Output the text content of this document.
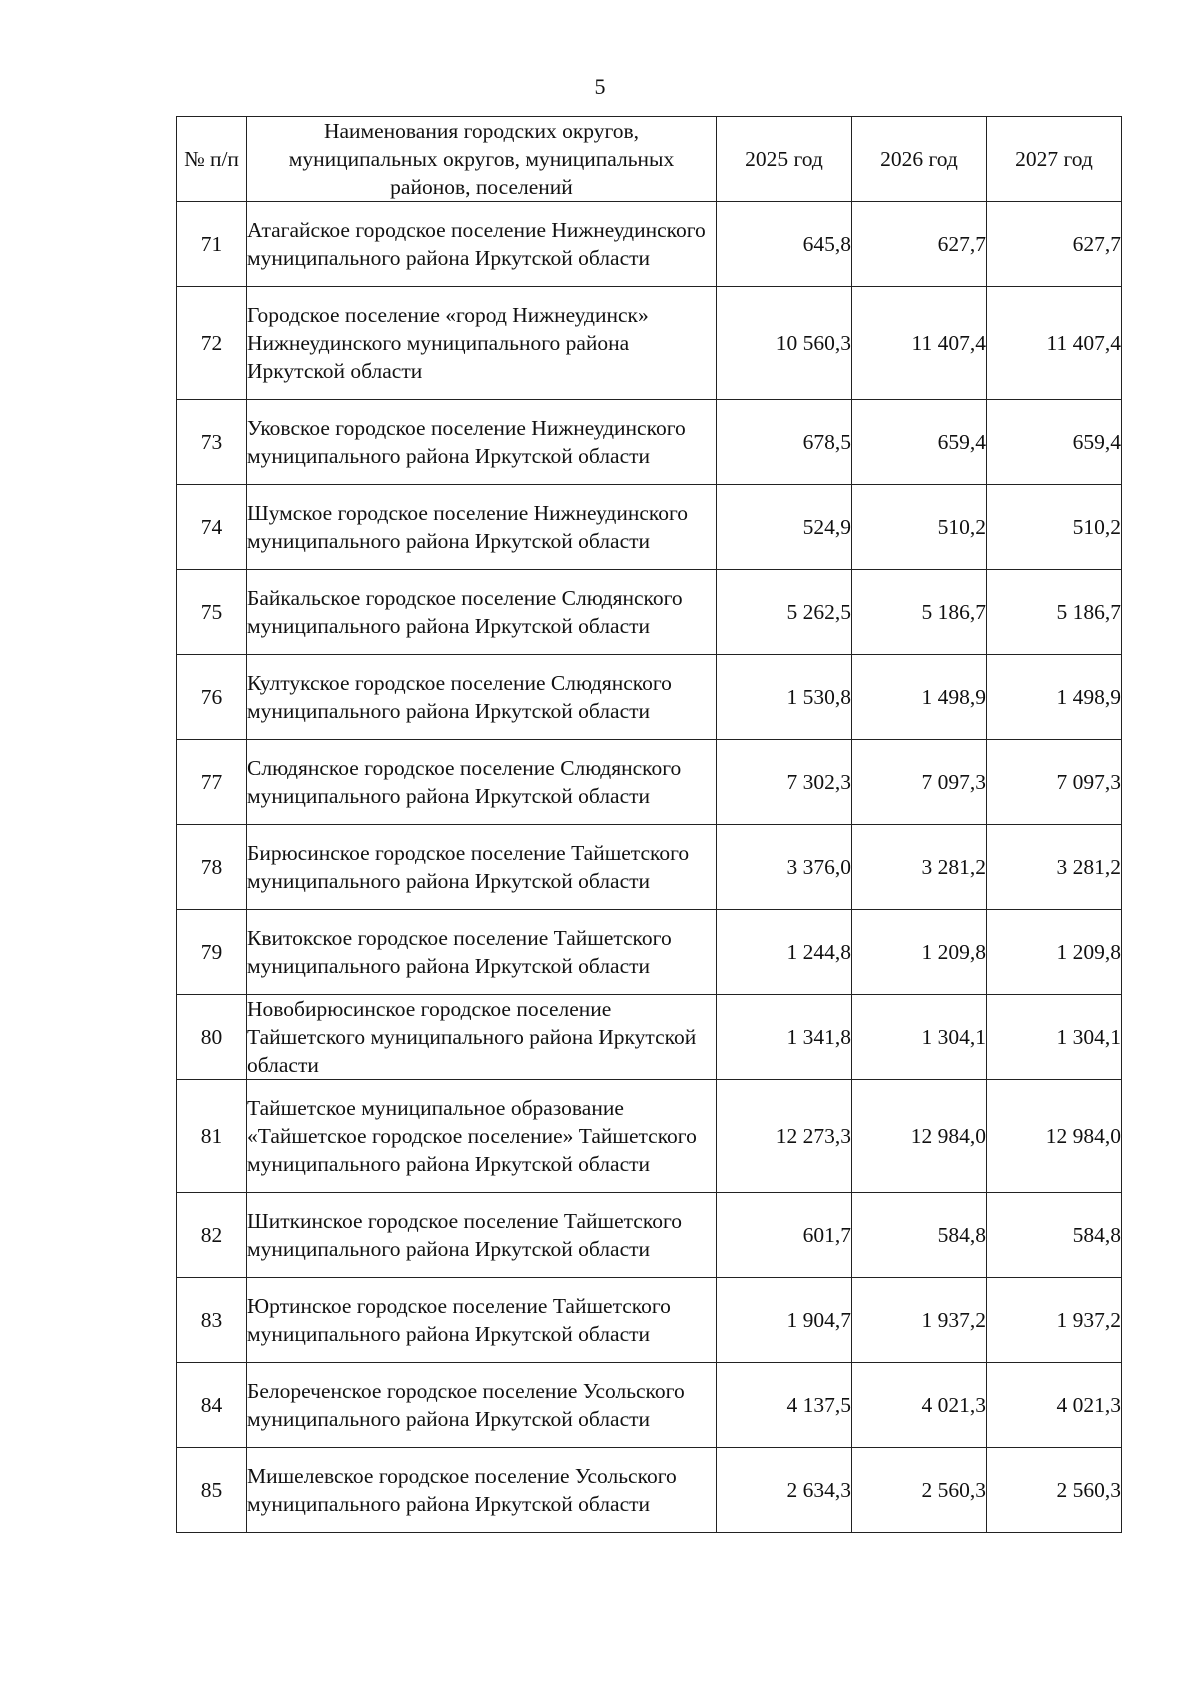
5
№ п/п	Наименования городских округов, муниципальных округов, муниципальных районов, поселений	2025 год	2026 год	2027 год
71	Атагайское городское поселение Нижнеудинского муниципального района Иркутской области	645,8	627,7	627,7
72	Городское поселение «город Нижнеудинск» Нижнеудинского муниципального района Иркутской области	10 560,3	11 407,4	11 407,4
73	Уковское городское поселение Нижнеудинского муниципального района Иркутской области	678,5	659,4	659,4
74	Шумское городское поселение Нижнеудинского муниципального района Иркутской области	524,9	510,2	510,2
75	Байкальское городское поселение Слюдянского муниципального района Иркутской области	5 262,5	5 186,7	5 186,7
76	Култукское городское поселение Слюдянского муниципального района Иркутской области	1 530,8	1 498,9	1 498,9
77	Слюдянское городское поселение Слюдянского муниципального района Иркутской области	7 302,3	7 097,3	7 097,3
78	Бирюсинское городское поселение Тайшетского муниципального района Иркутской области	3 376,0	3 281,2	3 281,2
79	Квитокское городское поселение Тайшетского муниципального района Иркутской области	1 244,8	1 209,8	1 209,8
80	Новобирюсинское городское поселение Тайшетского муниципального района Иркутской области	1 341,8	1 304,1	1 304,1
81	Тайшетское муниципальное образование «Тайшетское городское поселение» Тайшетского муниципального района Иркутской области	12 273,3	12 984,0	12 984,0
82	Шиткинское городское поселение Тайшетского муниципального района Иркутской области	601,7	584,8	584,8
83	Юртинское городское поселение Тайшетского муниципального района Иркутской области	1 904,7	1 937,2	1 937,2
84	Белореченское городское поселение Усольского муниципального района Иркутской области	4 137,5	4 021,3	4 021,3
85	Мишелевское городское поселение Усольского муниципального района Иркутской области	2 634,3	2 560,3	2 560,3
